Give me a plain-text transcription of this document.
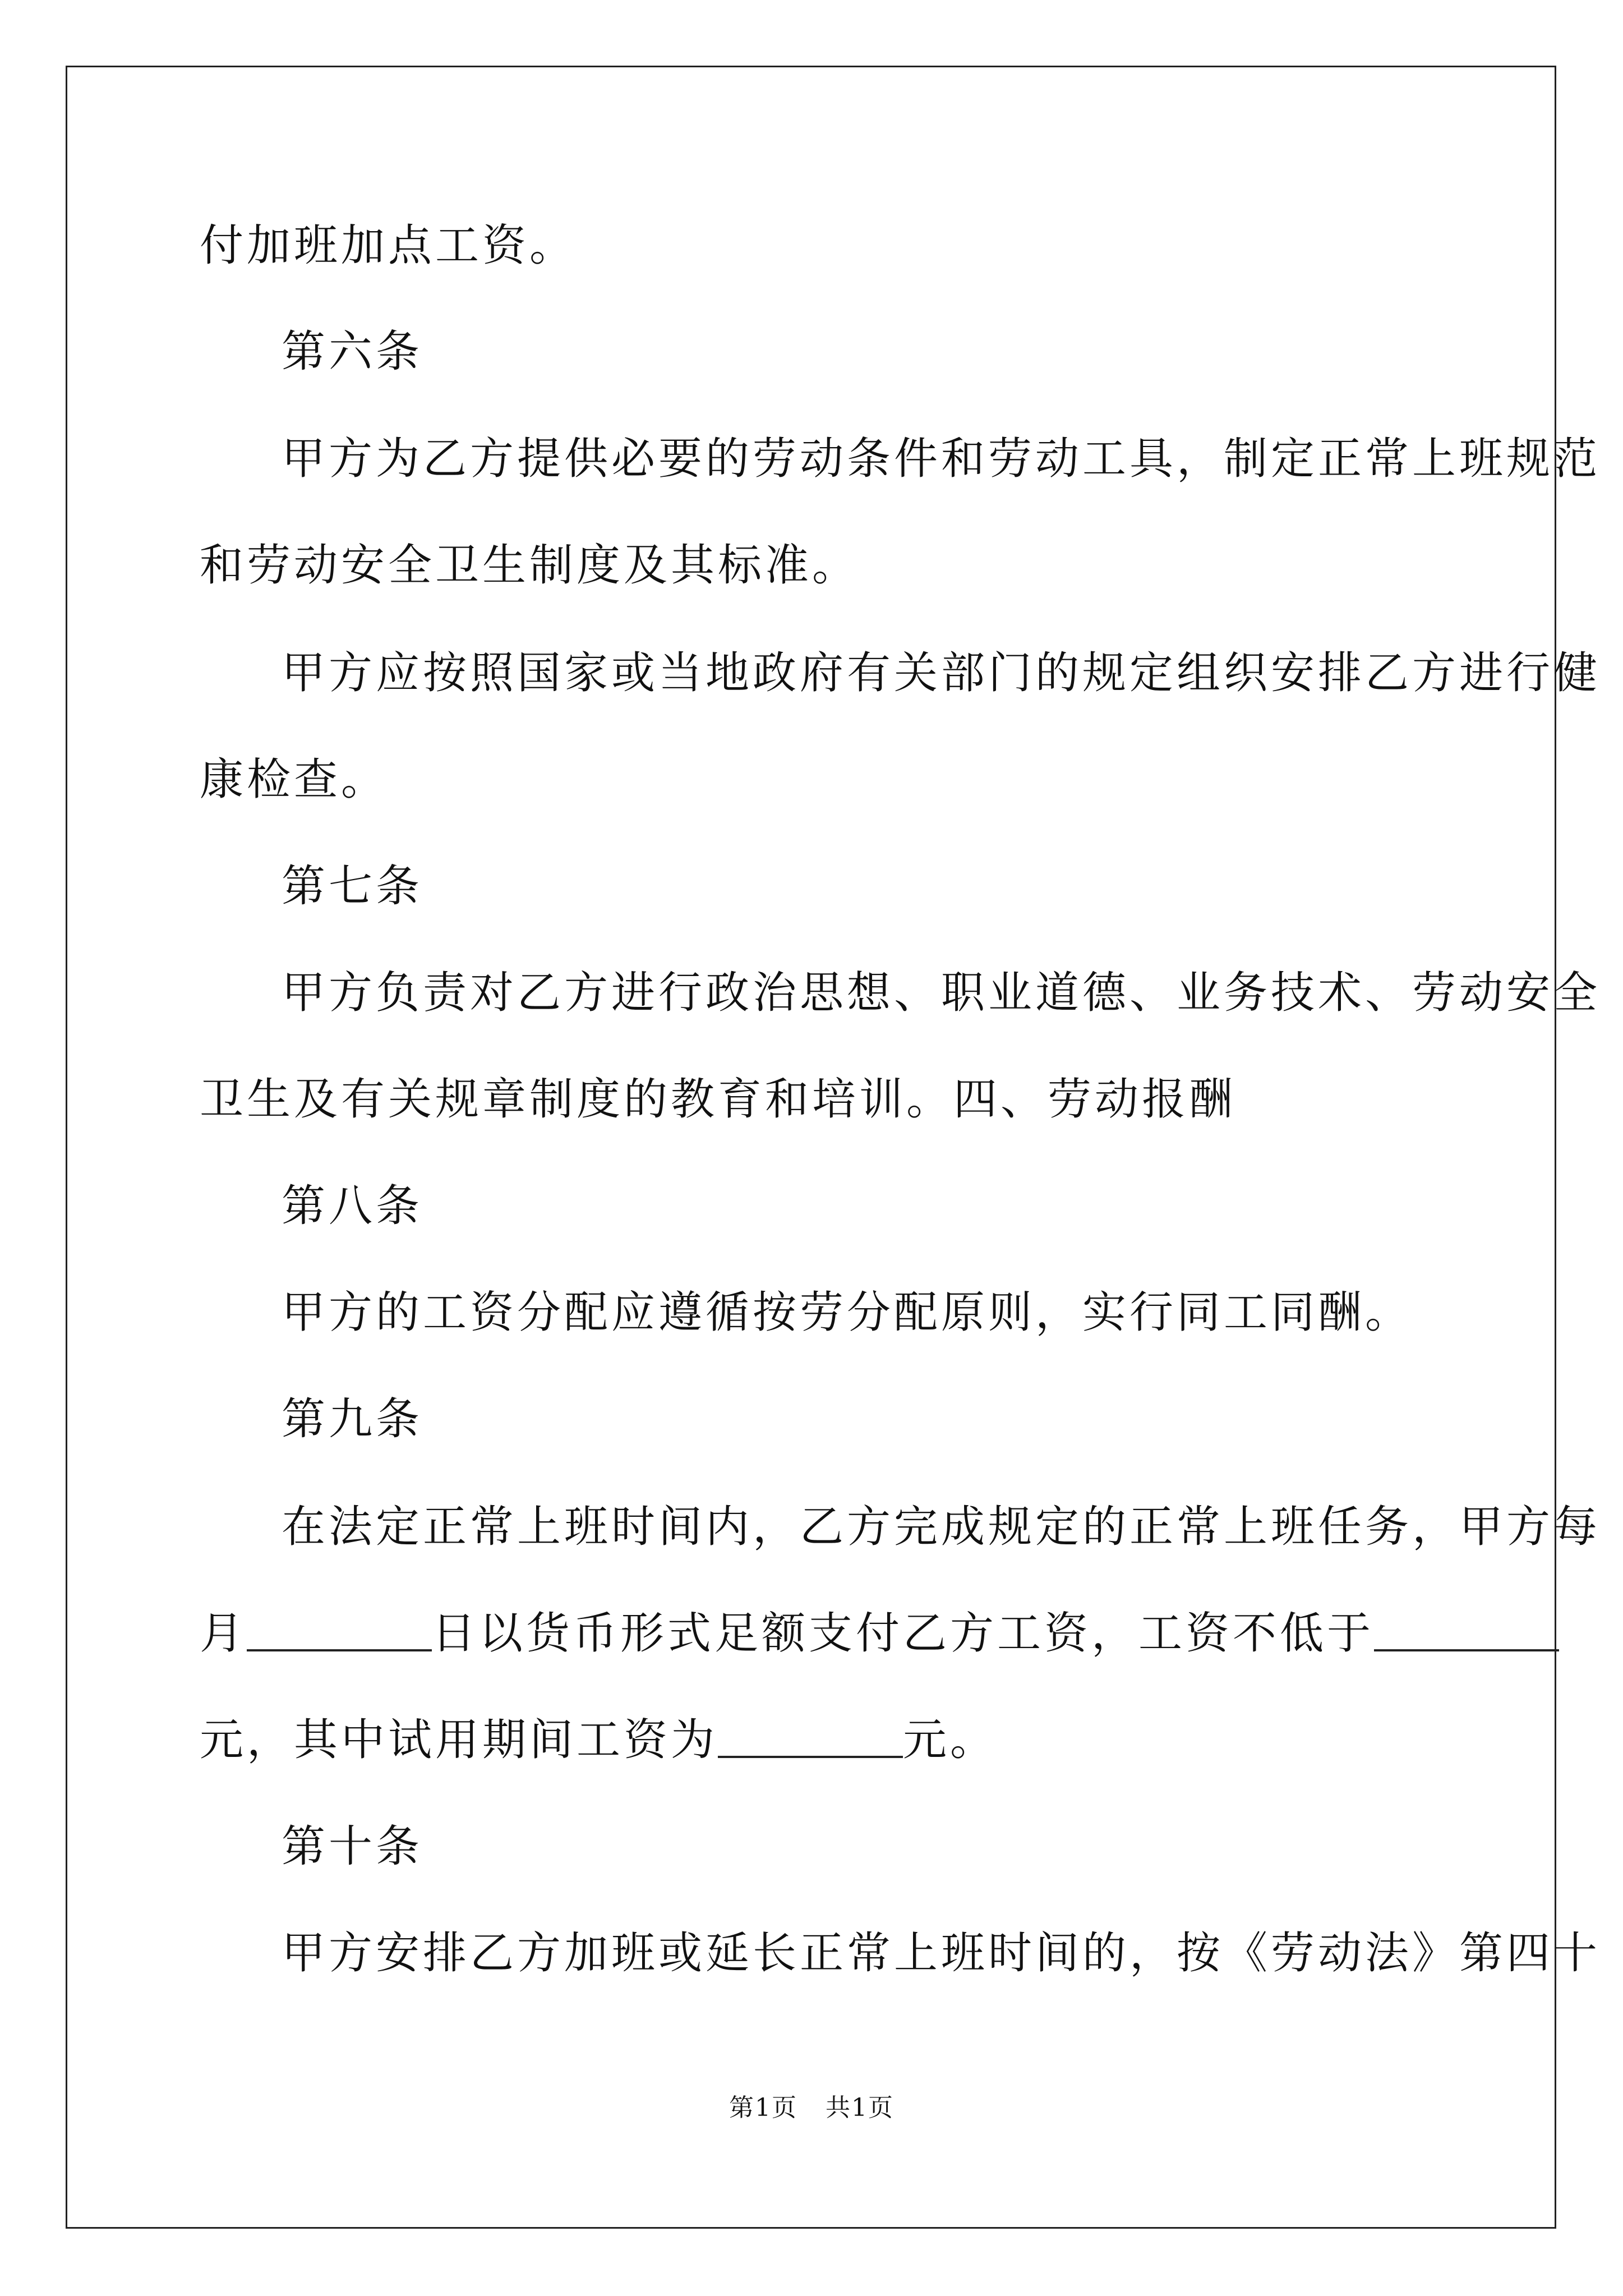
付加班加点工资。
第六条
甲方为乙方提供必要的劳动条件和劳动工具，制定正常上班规范
和劳动安全卫生制度及其标准。
甲方应按照国家或当地政府有关部门的规定组织安排乙方进行健
康检查。
第七条
甲方负责对乙方进行政治思想、职业道德、业务技术、劳动安全
卫生及有关规章制度的教育和培训。四、劳动报酬
第八条
甲方的工资分配应遵循按劳分配原则，实行同工同酬。
第九条
在法定正常上班时间内，乙方完成规定的正常上班任务，甲方每
月	日以货币形式足额支付乙方工资，工资不低于
元，其中试用期间工资为	元。
第十条
甲方安排乙方加班或延长正常上班时间的，按《劳动法》第四十
第1页 共1页
